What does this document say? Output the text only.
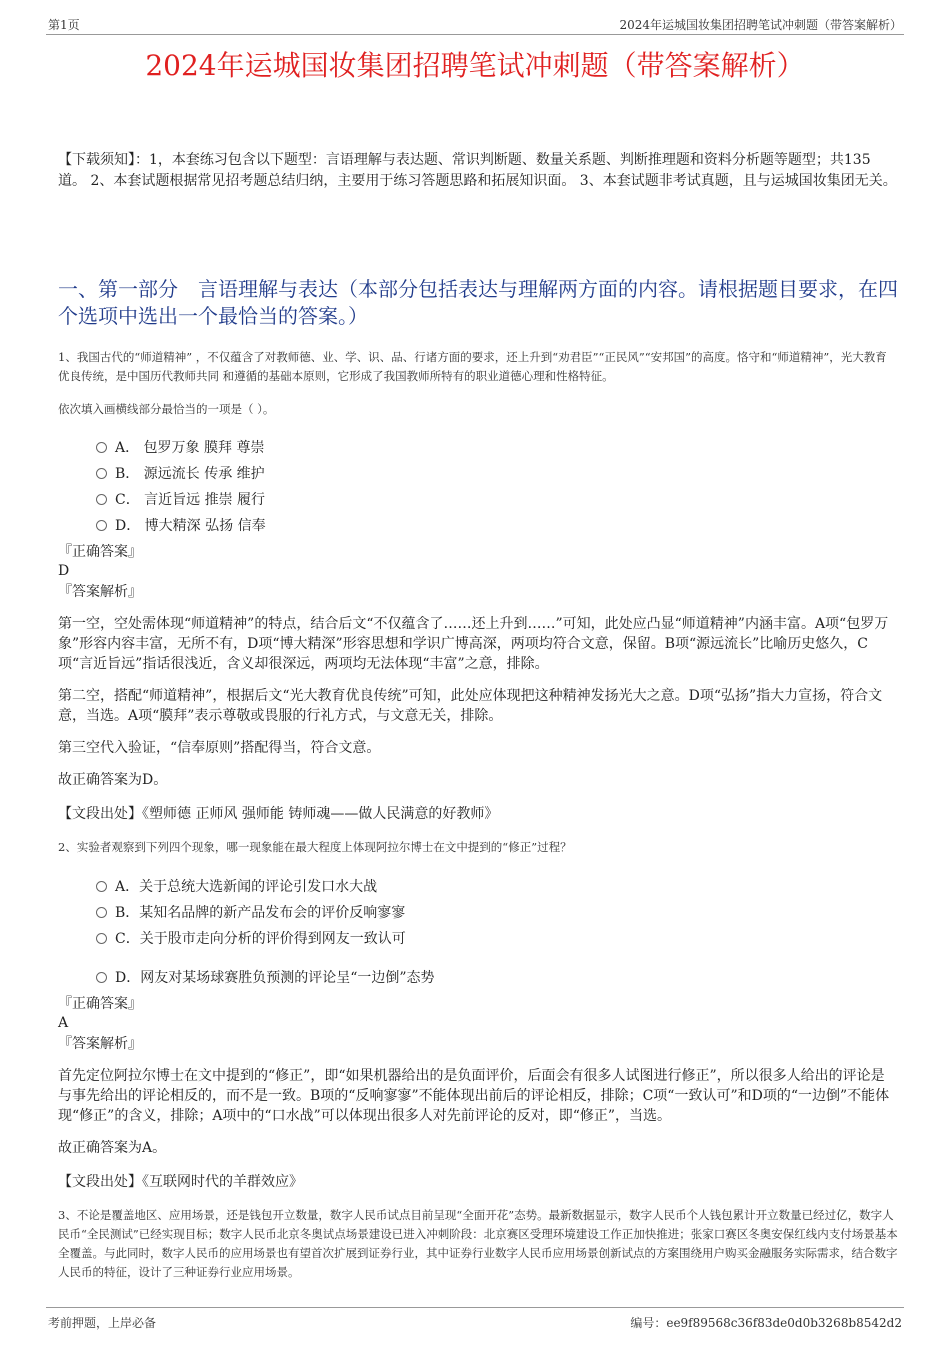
第1页	2024年运城国妆集团招聘笔试冲刺题（带答案解析）
2024年运城国妆集团招聘笔试冲刺题（带答案解析）
【下载须知】：1，本套练习包含以下题型：言语理解与表达题、常识判断题、数量关系题、判断推理题和资料分析题等题型；共135道。 2、本套试题根据常见招考题总结归纳，主要用于练习答题思路和拓展知识面。 3、本套试题非考试真题，且与运城国妆集团无关。
一、第一部分　言语理解与表达（本部分包括表达与理解两方面的内容。请根据题目要求，在四个选项中选出一个最恰当的答案。）
1、我国古代的“师道精神” ，不仅蕴含了对教师德、业、学、识、品、行诸方面的要求，还上升到“劝君臣”“正民风”“安邦国”的高度。恪守和“师道精神”，光大教育优良传统，是中国历代教师共同 和遵循的基础本原则，它形成了我国教师所特有的职业道德心理和性格特征。
依次填入画横线部分最恰当的一项是（ ）。
A． 包罗万象 膜拜 尊崇
B． 源远流长 传承 维护
C． 言近旨远 推崇 履行
D． 博大精深 弘扬 信奉
『正确答案』
D
『答案解析』
第一空，空处需体现“师道精神”的特点，结合后文“不仅蕴含了……还上升到……”可知，此处应凸显“师道精神”内涵丰富。A项“包罗万象”形容内容丰富，无所不有，D项“博大精深”形容思想和学识广博高深，两项均符合文意，保留。B项“源远流长”比喻历史悠久，C项“言近旨远”指话很浅近，含义却很深远，两项均无法体现“丰富”之意，排除。
第二空，搭配“师道精神”，根据后文“光大教育优良传统”可知，此处应体现把这种精神发扬光大之意。D项“弘扬”指大力宣扬，符合文意，当选。A项“膜拜”表示尊敬或畏服的行礼方式，与文意无关，排除。
第三空代入验证，“信奉原则”搭配得当，符合文意。
故正确答案为D。
【文段出处】《塑师德 正师风 强师能 铸师魂——做人民满意的好教师》
2、实验者观察到下列四个现象，哪一现象能在最大程度上体现阿拉尔博士在文中提到的“修正”过程？
A．关于总统大选新闻的评论引发口水大战
B．某知名品牌的新产品发布会的评价反响寥寥
C．关于股市走向分析的评价得到网友一致认可
D．网友对某场球赛胜负预测的评论呈“一边倒”态势
『正确答案』
A
『答案解析』
首先定位阿拉尔博士在文中提到的“修正”，即“如果机器给出的是负面评价，后面会有很多人试图进行修正”，所以很多人给出的评论是与事先给出的评论相反的，而不是一致。B项的“反响寥寥”不能体现出前后的评论相反，排除；C项“一致认可”和D项的“一边倒”不能体现“修正”的含义，排除；A项中的“口水战”可以体现出很多人对先前评论的反对，即“修正”，当选。
故正确答案为A。
【文段出处】《互联网时代的羊群效应》
3、不论是覆盖地区、应用场景，还是钱包开立数量，数字人民币试点目前呈现“全面开花”态势。最新数据显示，数字人民币个人钱包累计开立数量已经过亿，数字人民币“全民测试”已经实现目标；数字人民币北京冬奥试点场景建设已进入冲刺阶段：北京赛区受理环境建设工作正加快推进；张家口赛区冬奥安保红线内支付场景基本全覆盖。与此同时，数字人民币的应用场景也有望首次扩展到证券行业，其中证券行业数字人民币应用场景创新试点的方案围绕用户购买金融服务实际需求，结合数字人民币的特征，设计了三种证券行业应用场景。
考前押题，上岸必备	编号：ee9f89568c36f83de0d0b3268b8542d2
